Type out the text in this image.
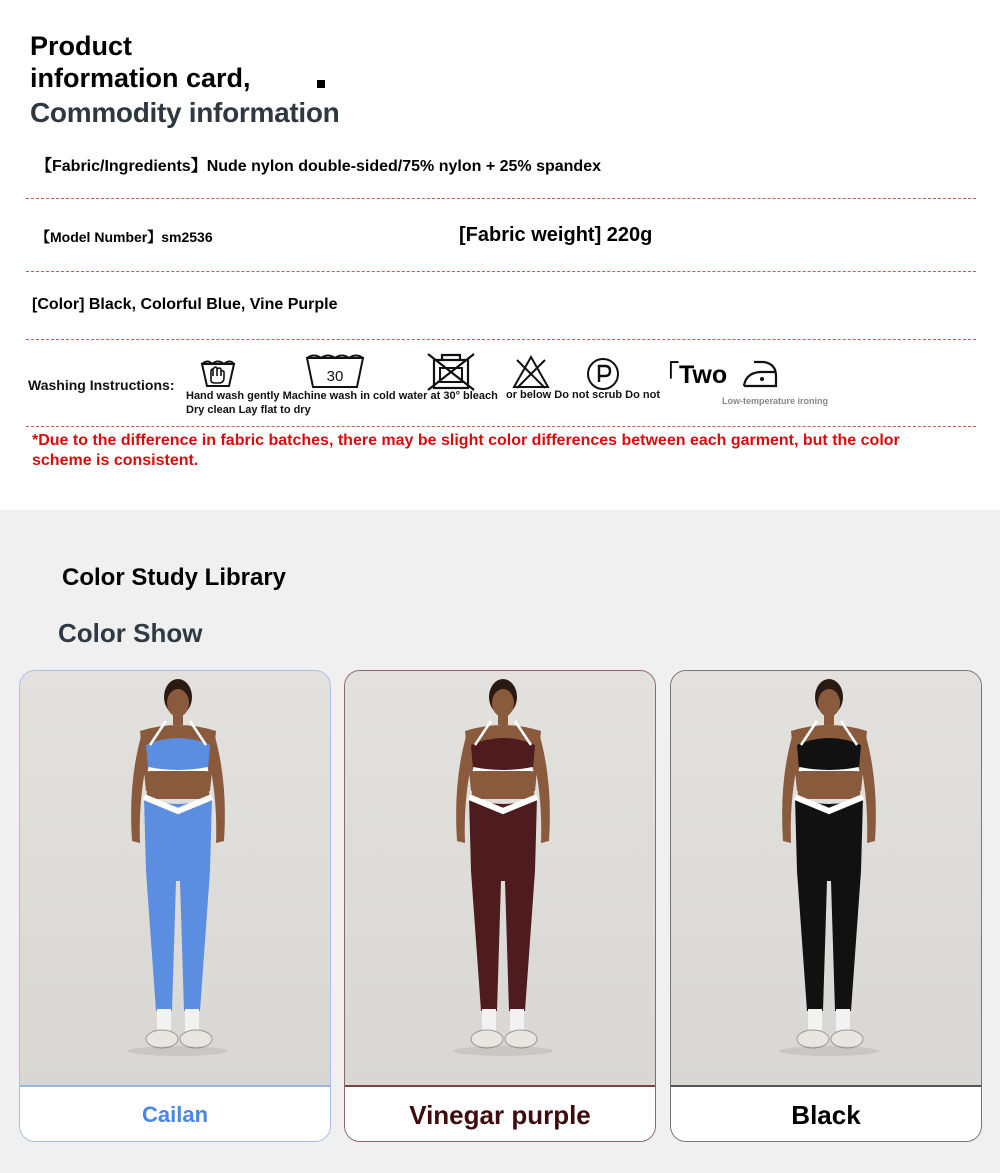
Product
information card,
Commodity information
【Fabric/Ingredients】Nude nylon double-sided/75% nylon + 25% spandex
【Model Number】sm2536	[Fabric weight] 220g
[Color] Black, Colorful Blue, Vine Purple
Washing Instructions:	30
Hand wash gently Machine wash in cold water at 30° bleach Dry clean Lay flat to dry
or below Do not scrub Do not
「Two
Low-temperature ironing
*Due to the difference in fabric batches, there may be slight color differences between each garment, but the color scheme is consistent.
Color Study Library
Color Show
Cailan	Vinegar purple	Black
